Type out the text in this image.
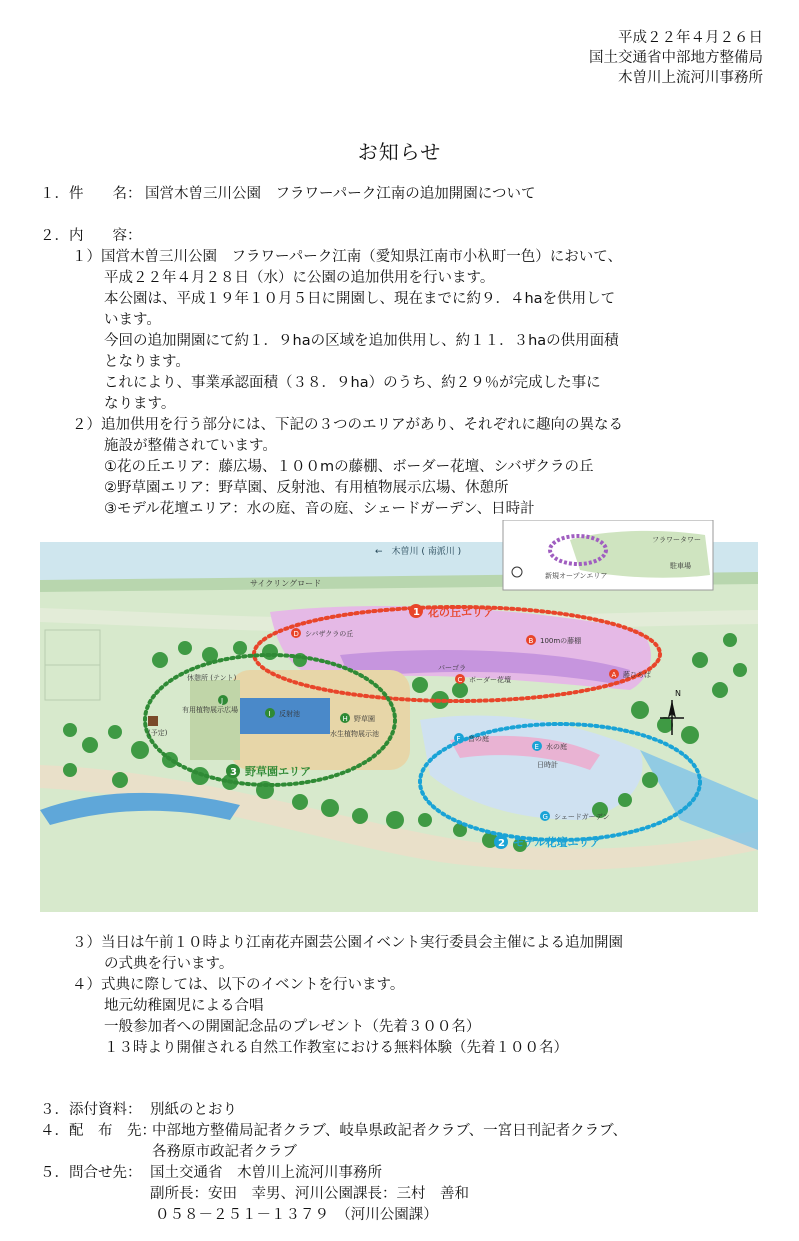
平成２２年４月２６日
国土交通省中部地方整備局
木曽川上流河川事務所
お知らせ
１．件　　名： 国営木曽三川公園　フラワーパーク江南の追加開園について
２．内　　容：
１）国営木曽三川公園　フラワーパーク江南（愛知県江南市小杁町一色）において、
平成２２年４月２８日（水）に公園の追加供用を行います。
本公園は、平成１９年１０月５日に開園し、現在までに約９．４haを供用して
います。
今回の追加開園にて約１．９haの区域を追加供用し、約１１．３haの供用面積
となります。
これにより、事業承認面積（３８．９ha）のうち、約２９％が完成した事に
なります。
２）追加供用を行う部分には、下記の３つのエリアがあり、それぞれに趣向の異なる
施設が整備されています。
①花の丘エリア：藤広場、１００mの藤棚、ボーダー花壇、シバザクラの丘
②野草園エリア：野草園、反射池、有用植物展示広場、休憩所
③モデル花壇エリア：水の庭、音の庭、シェードガーデン、日時計
←　木曽川 ( 南派川 )
サイクリングロード
新規オープンエリア
フラワータワー
駐車場
1 花の丘エリア
3 野草園エリア
2 モデル花壇エリア
D シバザクラの丘
B 100mの藤棚
パーゴラ
C ボーダー花壇
A 藤ひろば
休憩所 (テント)
J
有用植物展示広場	I 反射池
H 野草園
水生植物展示池
F 音の庭
E 水の庭
日時計
G シェードガーデン
(予定)
N
３）当日は午前１０時より江南花卉園芸公園イベント実行委員会主催による追加開園
の式典を行います。
４）式典に際しては、以下のイベントを行います。
地元幼稚園児による合唱
一般参加者への開園記念品のプレゼント（先着３００名）
１３時より開催される自然工作教室における無料体験（先着１００名）
３．添付資料： 別紙のとおり
４．配　布　先：
中部地方整備局記者クラブ、岐阜県政記者クラブ、一宮日刊記者クラブ、
各務原市政記者クラブ
５．問合せ先： 国土交通省　木曽川上流河川事務所
副所長：安田　幸男、河川公園課長：三村　善和
０５８－２５１－１３７９　（河川公園課）
